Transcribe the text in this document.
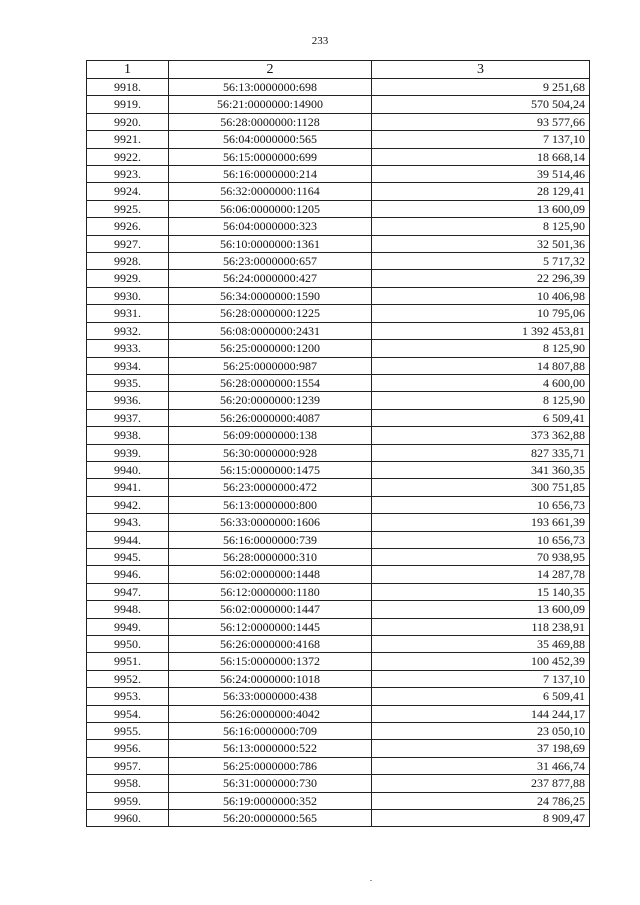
233
1	2	3
9918.	56:13:0000000:698	9 251,68
9919.	56:21:0000000:14900	570 504,24
9920.	56:28:0000000:1128	93 577,66
9921.	56:04:0000000:565	7 137,10
9922.	56:15:0000000:699	18 668,14
9923.	56:16:0000000:214	39 514,46
9924.	56:32:0000000:1164	28 129,41
9925.	56:06:0000000:1205	13 600,09
9926.	56:04:0000000:323	8 125,90
9927.	56:10:0000000:1361	32 501,36
9928.	56:23:0000000:657	5 717,32
9929.	56:24:0000000:427	22 296,39
9930.	56:34:0000000:1590	10 406,98
9931.	56:28:0000000:1225	10 795,06
9932.	56:08:0000000:2431	1 392 453,81
9933.	56:25:0000000:1200	8 125,90
9934.	56:25:0000000:987	14 807,88
9935.	56:28:0000000:1554	4 600,00
9936.	56:20:0000000:1239	8 125,90
9937.	56:26:0000000:4087	6 509,41
9938.	56:09:0000000:138	373 362,88
9939.	56:30:0000000:928	827 335,71
9940.	56:15:0000000:1475	341 360,35
9941.	56:23:0000000:472	300 751,85
9942.	56:13:0000000:800	10 656,73
9943.	56:33:0000000:1606	193 661,39
9944.	56:16:0000000:739	10 656,73
9945.	56:28:0000000:310	70 938,95
9946.	56:02:0000000:1448	14 287,78
9947.	56:12:0000000:1180	15 140,35
9948.	56:02:0000000:1447	13 600,09
9949.	56:12:0000000:1445	118 238,91
9950.	56:26:0000000:4168	35 469,88
9951.	56:15:0000000:1372	100 452,39
9952.	56:24:0000000:1018	7 137,10
9953.	56:33:0000000:438	6 509,41
9954.	56:26:0000000:4042	144 244,17
9955.	56:16:0000000:709	23 050,10
9956.	56:13:0000000:522	37 198,69
9957.	56:25:0000000:786	31 466,74
9958.	56:31:0000000:730	237 877,88
9959.	56:19:0000000:352	24 786,25
9960.	56:20:0000000:565	8 909,47
